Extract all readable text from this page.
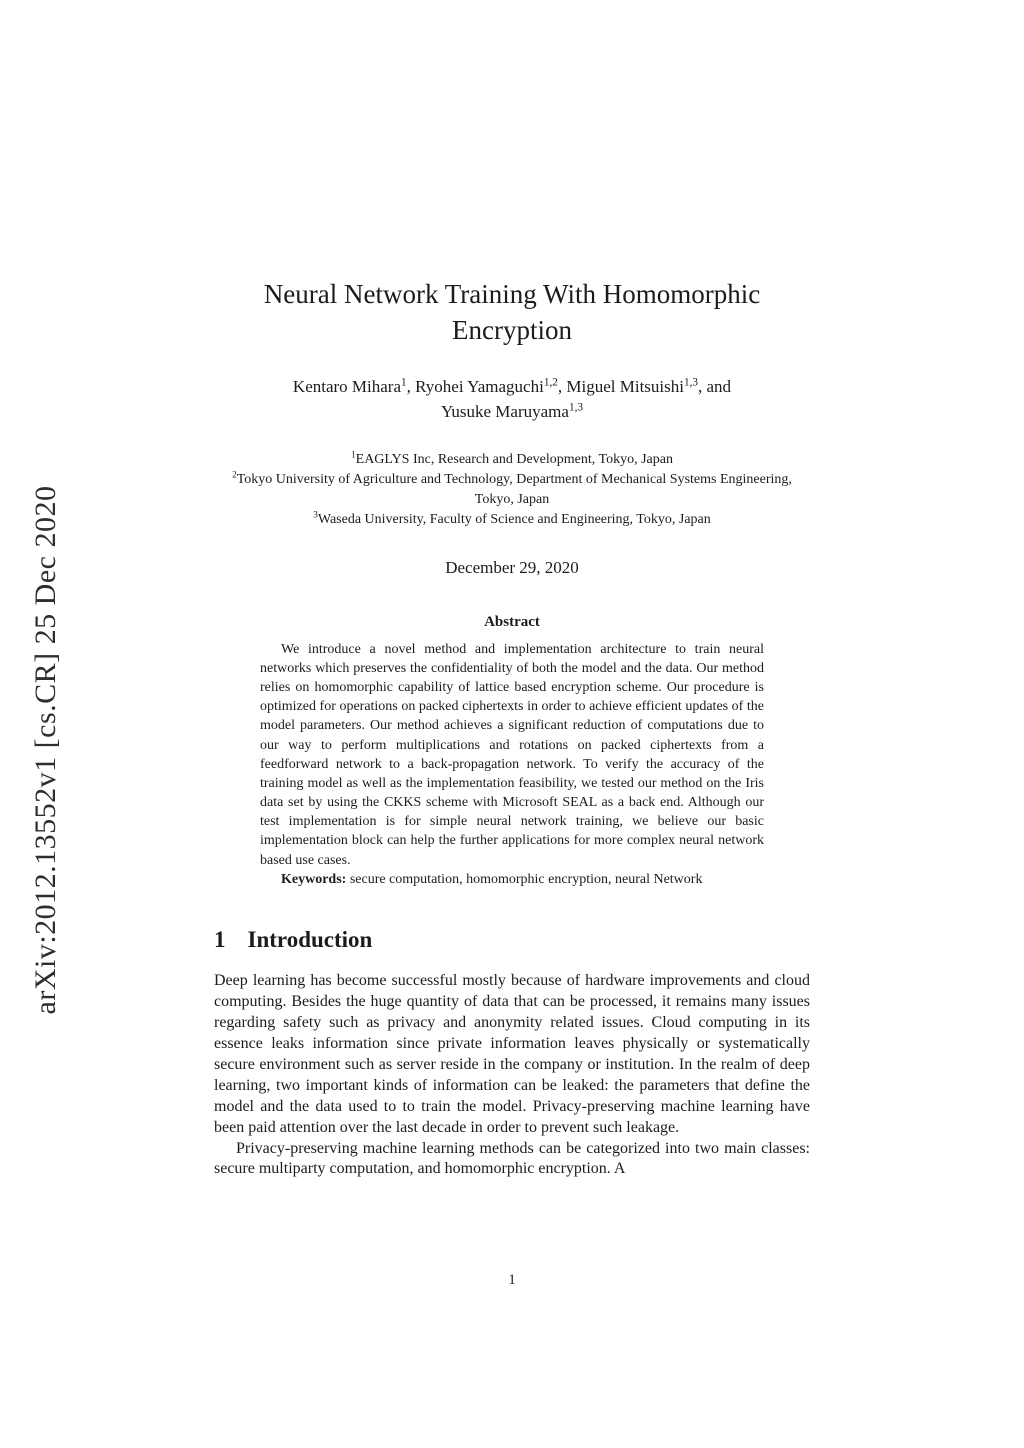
arXiv:2012.13552v1 [cs.CR] 25 Dec 2020
Neural Network Training With Homomorphic Encryption

Kentaro Mihara$^1$, Ryohei Yamaguchi$^{1,2}$, Miguel Mitsuishi$^{1,3}$, and
Yusuke Maruyama$^{1,3}$

$^1$EAGLYS Inc, Research and Development, Tokyo, Japan
$^2$Tokyo University of Agriculture and Technology, Department of Mechanical Systems Engineering, Tokyo, Japan
$^3$Waseda University, Faculty of Science and Engineering, Tokyo, Japan
December 29, 2020

Abstract

We introduce a novel method and implementation architecture to train neural networks which preserves the confidentiality of both the model and the data. Our method relies on homomorphic capability of lattice based encryption scheme. Our procedure is optimized for operations on packed ciphertexts in order to achieve efficient updates of the model parameters. Our method achieves a significant reduction of computations due to our way to perform multiplications and rotations on packed ciphertexts from a feedforward network to a back-propagation network. To verify the accuracy of the training model as well as the implementation feasibility, we tested our method on the Iris data set by using the CKKS scheme with Microsoft SEAL as a back end. Although our test implementation is for simple neural network training, we believe our basic implementation block can help the further applications for more complex neural network based use cases.

Keywords: secure computation, homomorphic encryption, neural Network

1 Introduction

Deep learning has become successful mostly because of hardware improvements and cloud computing. Besides the huge quantity of data that can be processed, it remains many issues regarding safety such as privacy and anonymity related issues. Cloud computing in its essence leaks information since private information leaves physically or systematically secure environment such as server reside in the company or institution. In the realm of deep learning, two important kinds of information can be leaked: the parameters that define the model and the data used to to train the model. Privacy-preserving machine learning have been paid attention over the last decade in order to prevent such leakage.

Privacy-preserving machine learning methods can be categorized into two main classes: secure multiparty computation, and homomorphic encryption. A

1
